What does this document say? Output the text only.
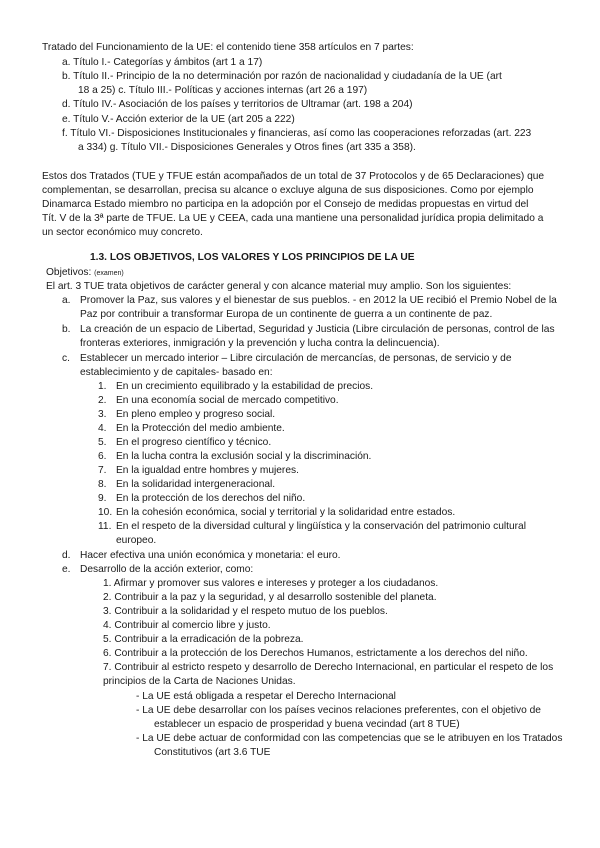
Tratado del Funcionamiento de la UE: el contenido tiene 358 artículos en 7 partes:
a. Título I.- Categorías y ámbitos (art 1 a 17)
b. Título II.- Principio de la no determinación por razón de nacionalidad y ciudadanía de la UE (art
18 a 25) c. Título III.- Políticas y acciones internas (art 26 a 197)
d. Título IV.- Asociación de los países y territorios de Ultramar (art. 198 a 204)
e. Título V.- Acción exterior de la UE (art 205 a 222)
f. Título VI.- Disposiciones Institucionales y financieras, así como las cooperaciones reforzadas (art. 223
a 334) g. Título VII.- Disposiciones Generales y Otros fines (art 335 a 358).
Estos dos Tratados (TUE y TFUE están acompañados de un total de 37 Protocolos y de 65 Declaraciones) que
complementan, se desarrollan, precisa su alcance o excluye alguna de sus disposiciones. Como por ejemplo
Dinamarca Estado miembro no participa en la adopción por el Consejo de medidas propuestas en virtud del
Tít. V de la 3ª parte de TFUE. La UE y CEEA, cada una mantiene una personalidad jurídica propia delimitado a
un sector económico muy concreto.
1.3. LOS OBJETIVOS, LOS VALORES Y LOS PRINCIPIOS DE LA UE
Objetivos: (examen)
El art. 3 TUE trata objetivos de carácter general y con alcance material muy amplio. Son los siguientes:
a. Promover la Paz, sus valores y el bienestar de sus pueblos. - en 2012 la UE recibió el Premio Nobel de la
Paz por contribuir a transformar Europa de un continente de guerra a un continente de paz.
b. La creación de un espacio de Libertad, Seguridad y Justicia (Libre circulación de personas, control de las
fronteras exteriores, inmigración y la prevención y lucha contra la delincuencia).
c. Establecer un mercado interior – Libre circulación de mercancías, de personas, de servicio y de
establecimiento y de capitales- basado en:
1. En un crecimiento equilibrado y la estabilidad de precios.
2. En una economía social de mercado competitivo.
3. En pleno empleo y progreso social.
4. En la Protección del medio ambiente.
5. En el progreso científico y técnico.
6. En la lucha contra la exclusión social y la discriminación.
7. En la igualdad entre hombres y mujeres.
8. En la solidaridad intergeneracional.
9. En la protección de los derechos del niño.
10. En la cohesión económica, social y territorial y la solidaridad entre estados.
11. En el respeto de la diversidad cultural y lingüística y la conservación del patrimonio cultural
europeo.
d. Hacer efectiva una unión económica y monetaria: el euro.
e. Desarrollo de la acción exterior, como:
1. Afirmar y promover sus valores e intereses y proteger a los ciudadanos.
2. Contribuir a la paz y la seguridad, y al desarrollo sostenible del planeta.
3. Contribuir a la solidaridad y el respeto mutuo de los pueblos.
4. Contribuir al comercio libre y justo.
5. Contribuir a la erradicación de la pobreza.
6. Contribuir a la protección de los Derechos Humanos, estrictamente a los derechos del niño.
7. Contribuir al estricto respeto y desarrollo de Derecho Internacional, en particular el respeto de los
principios de la Carta de Naciones Unidas.
- La UE está obligada a respetar el Derecho Internacional
- La UE debe desarrollar con los países vecinos relaciones preferentes, con el objetivo de
establecer un espacio de prosperidad y buena vecindad (art 8 TUE)
- La UE debe actuar de conformidad con las competencias que se le atribuyen en los Tratados
Constitutivos (art 3.6 TUE
